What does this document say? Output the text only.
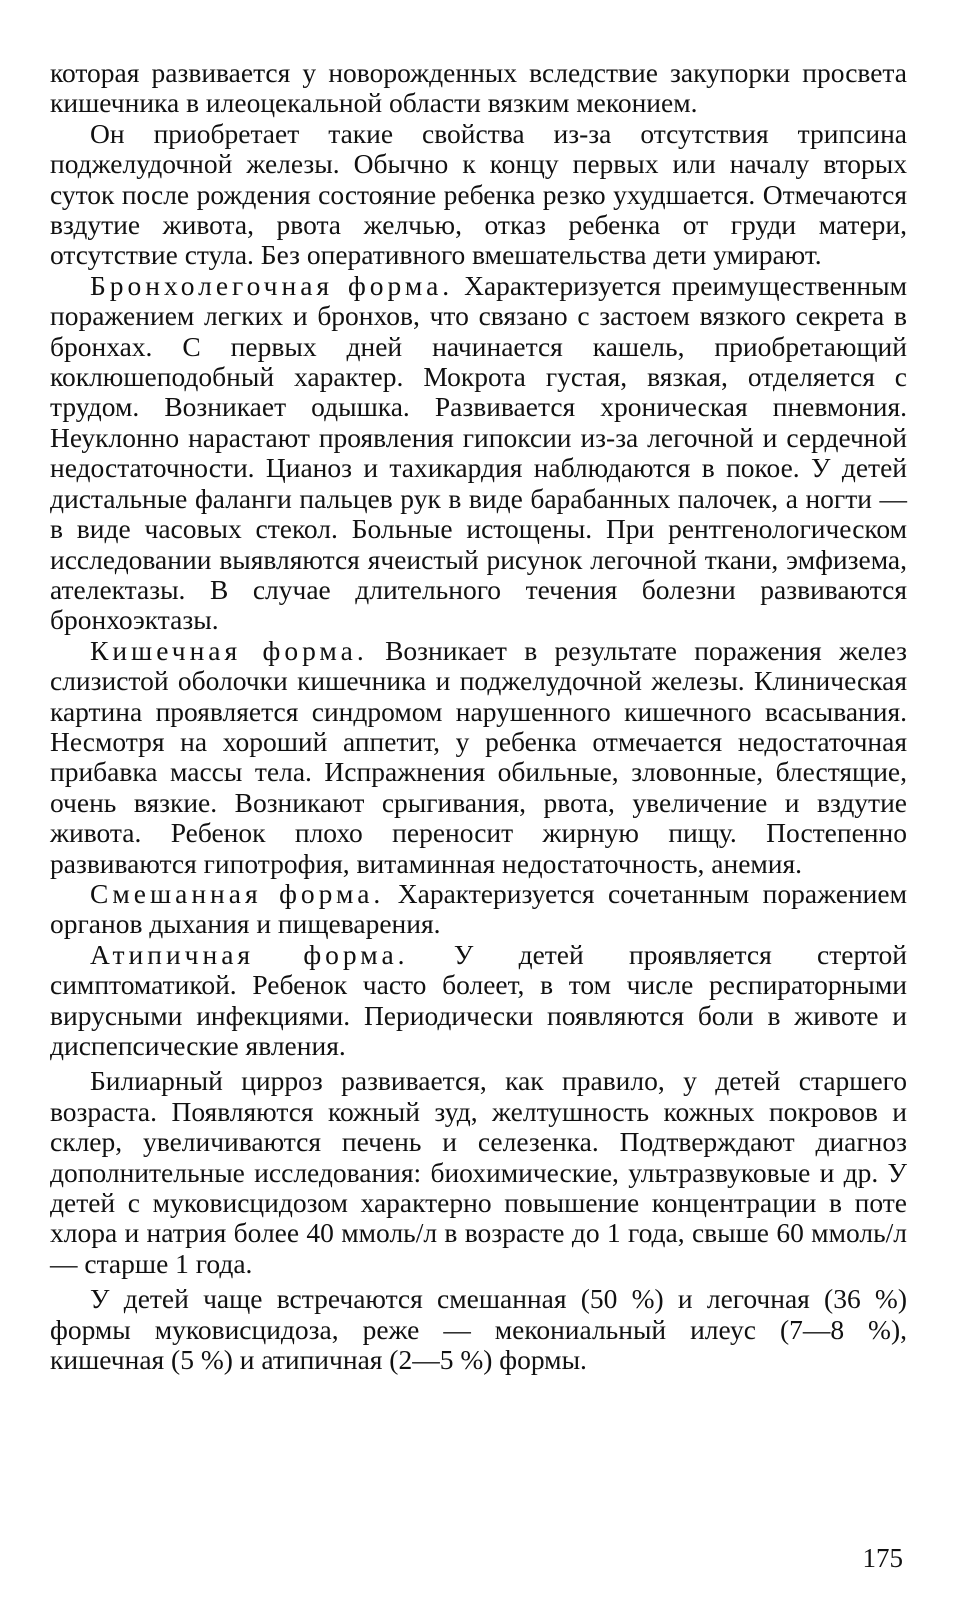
которая развивается у новорожденных вследствие закупорки просвета кишечника в илеоцекальной области вязким меконием.

Он приобретает такие свойства из-за отсутствия трипсина поджелудочной железы. Обычно к концу первых или началу вторых суток после рождения состояние ребенка резко ухудшается. Отмечаются вздутие живота, рвота желчью, отказ ребенка от груди матери, отсутствие стула. Без оперативного вмешательства дети умирают.

Бронхолегочная форма. Характеризуется преимущественным поражением легких и бронхов, что связано с застоем вязкого секрета в бронхах. С первых дней начинается кашель, приобретающий коклюшеподобный характер. Мокрота густая, вязкая, отделяется с трудом. Возникает одышка. Развивается хроническая пневмония. Неуклонно нарастают проявления гипоксии из-за легочной и сердечной недостаточности. Цианоз и тахикардия наблюдаются в покое. У детей дистальные фаланги пальцев рук в виде барабанных палочек, а ногти — в виде часовых стекол. Больные истощены. При рентгенологическом исследовании выявляются ячеистый рисунок легочной ткани, эмфизема, ателектазы. В случае длительного течения болезни развиваются бронхоэктазы.

Кишечная форма. Возникает в результате поражения желез слизистой оболочки кишечника и поджелудочной железы. Клиническая картина проявляется синдромом нарушенного кишечного всасывания. Несмотря на хороший аппетит, у ребенка отмечается недостаточная прибавка массы тела. Испражнения обильные, зловонные, блестящие, очень вязкие. Возникают срыгивания, рвота, увеличение и вздутие живота. Ребенок плохо переносит жирную пищу. Постепенно развиваются гипотрофия, витаминная недостаточность, анемия.

Смешанная форма. Характеризуется сочетанным поражением органов дыхания и пищеварения.

Атипичная форма. У детей проявляется стертой симптоматикой. Ребенок часто болеет, в том числе респираторными вирусными инфекциями. Периодически появляются боли в животе и диспепсические явления.

Билиарный цирроз развивается, как правило, у детей старшего возраста. Появляются кожный зуд, желтушность кожных покровов и склер, увеличиваются печень и селезенка. Подтверждают диагноз дополнительные исследования: биохимические, ультразвуковые и др. У детей с муковисцидозом характерно повышение концентрации в поте хлора и натрия более 40 ммоль/л в возрасте до 1 года, свыше 60 ммоль/л — старше 1 года.

У детей чаще встречаются смешанная (50 %) и легочная (36 %) формы муковисцидоза, реже — мекониальный илеус (7—8 %), кишечная (5 %) и атипичная (2—5 %) формы.

175
